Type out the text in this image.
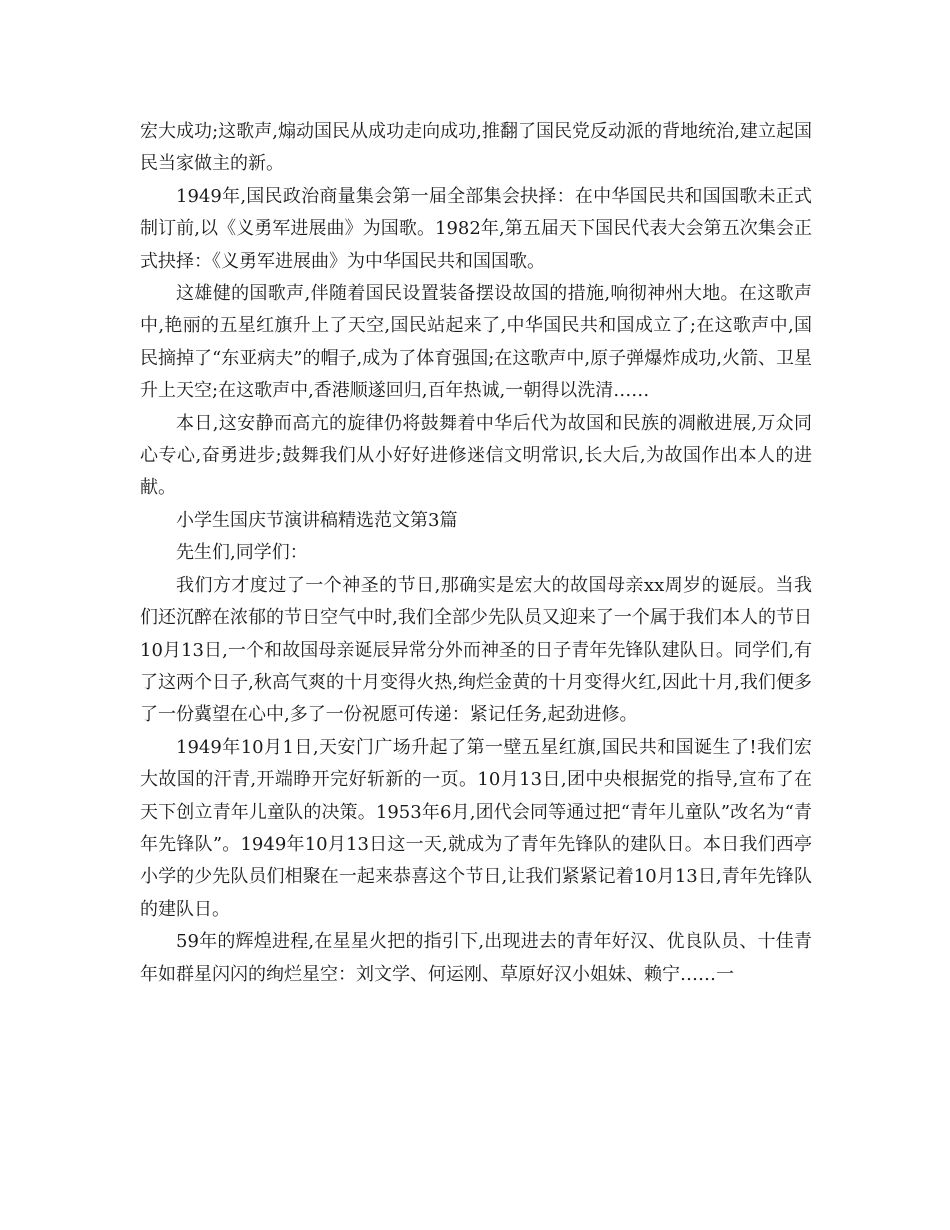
宏大成功;这歌声,煽动国民从成功走向成功,推翻了国民党反动派的背地统治,建立起国民当家做主的新。

1949年,国民政治商量集会第一届全部集会抉择：在中华国民共和国国歌未正式制订前,以《义勇军进展曲》为国歌。1982年,第五届天下国民代表大会第五次集会正式抉择：《义勇军进展曲》为中华国民共和国国歌。

这雄健的国歌声,伴随着国民设置装备摆设故国的措施,响彻神州大地。在这歌声中,艳丽的五星红旗升上了天空,国民站起来了,中华国民共和国成立了;在这歌声中,国民摘掉了“东亚病夫”的帽子,成为了体育强国;在这歌声中,原子弹爆炸成功,火箭、卫星升上天空;在这歌声中,香港顺遂回归,百年热诚,一朝得以洗清……

本日,这安静而高亢的旋律仍将鼓舞着中华后代为故国和民族的凋敝进展,万众同心专心,奋勇进步;鼓舞我们从小好好进修迷信文明常识,长大后,为故国作出本人的进献。

小学生国庆节演讲稿精选范文第3篇

先生们,同学们：

我们方才度过了一个神圣的节日,那确实是宏大的故国母亲xx周岁的诞辰。当我们还沉醉在浓郁的节日空气中时,我们全部少先队员又迎来了一个属于我们本人的节日10月13日,一个和故国母亲诞辰异常分外而神圣的日子青年先锋队建队日。同学们,有了这两个日子,秋高气爽的十月变得火热,绚烂金黄的十月变得火红,因此十月,我们便多了一份冀望在心中,多了一份祝愿可传递：紧记任务,起劲进修。

1949年10月1日,天安门广场升起了第一壁五星红旗,国民共和国诞生了!我们宏大故国的汗青,开端睁开完好斩新的一页。10月13日,团中央根据党的指导,宣布了在天下创立青年儿童队的决策。1953年6月,团代会同等通过把“青年儿童队”改名为“青年先锋队”。1949年10月13日这一天,就成为了青年先锋队的建队日。本日我们西亭小学的少先队员们相聚在一起来恭喜这个节日,让我们紧紧记着10月13日,青年先锋队的建队日。

59年的辉煌进程,在星星火把的指引下,出现进去的青年好汉、优良队员、十佳青年如群星闪闪的绚烂星空：刘文学、何运刚、草原好汉小姐妹、赖宁……一
